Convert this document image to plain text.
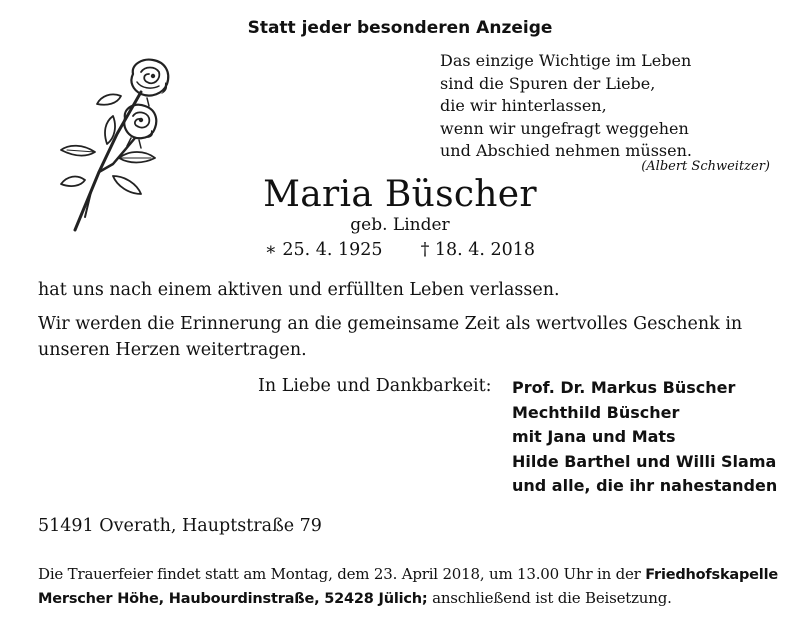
Statt jeder besonderen Anzeige
Das einzige Wichtige im Leben
sind die Spuren der Liebe,
die wir hinterlassen,
wenn wir ungefragt weggehen
und Abschied nehmen müssen.
(Albert Schweitzer)
Maria Büscher
geb. Linder
∗ 25. 4. 1925 † 18. 4. 2018
hat uns nach einem aktiven und erfüllten Leben verlassen.
Wir werden die Erinnerung an die gemeinsame Zeit als wertvolles Geschenk in unseren Herzen weitertragen.
In Liebe und Dankbarkeit: Prof. Dr. Markus Büscher
Mechthild Büscher
mit Jana und Mats
Hilde Barthel und Willi Slama
und alle, die ihr nahestanden
51491 Overath, Hauptstraße 79
Die Trauerfeier findet statt am Montag, dem 23. April 2018, um 13.00 Uhr in der Friedhofskapelle Merscher Höhe, Haubourdinstraße, 52428 Jülich; anschließend ist die Beisetzung.
